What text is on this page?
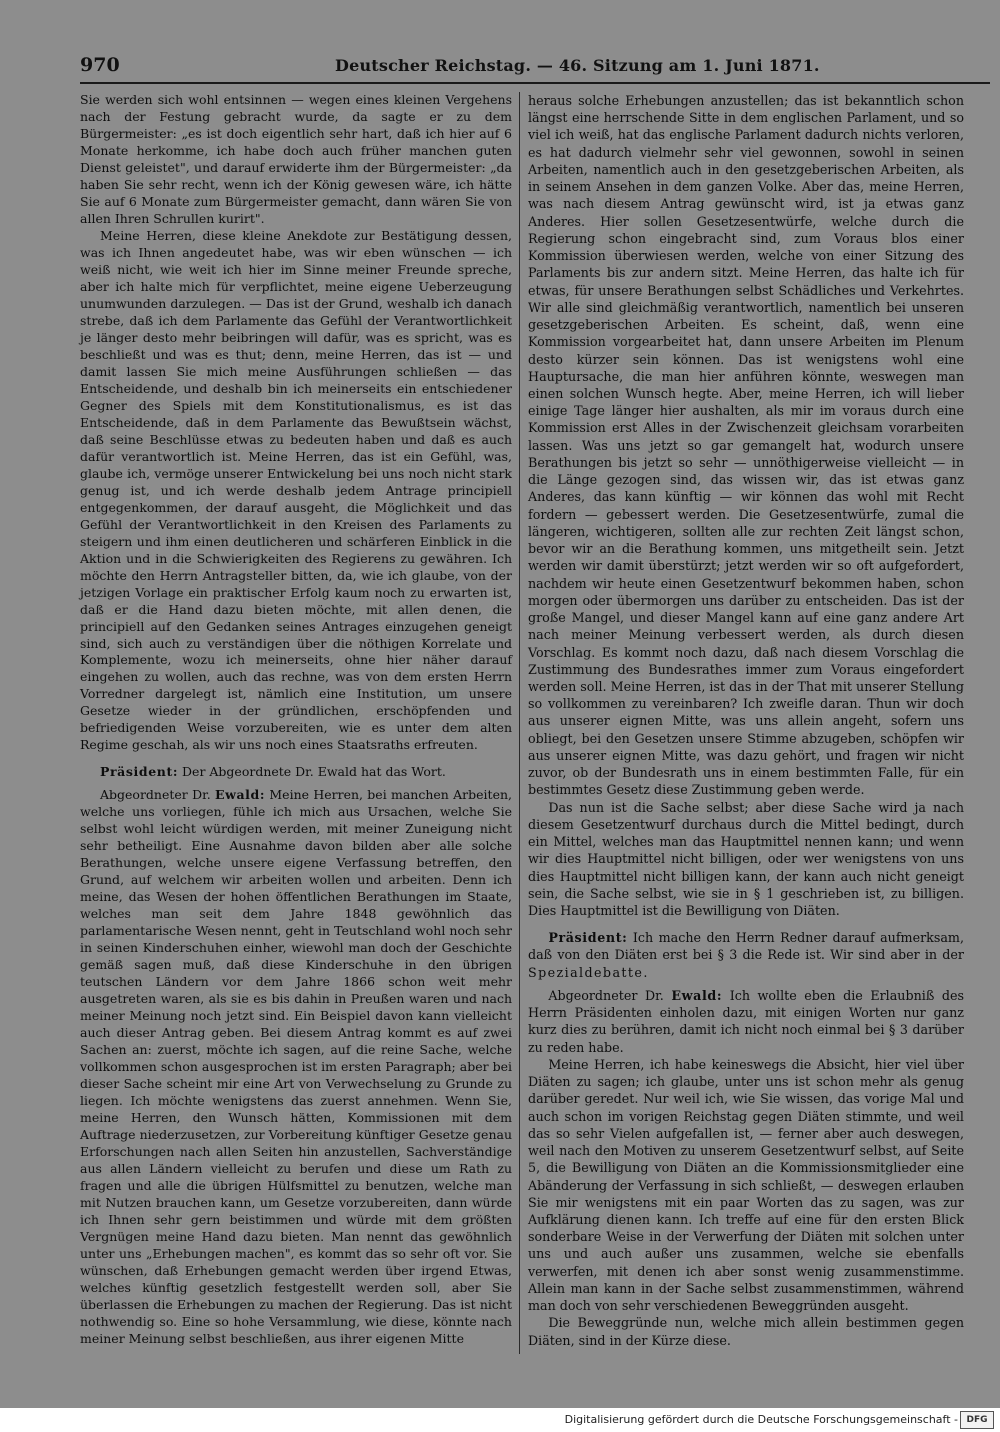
970	Deutscher Reichstag. — 46. Sitzung am 1. Juni 1871.

Sie werden sich wohl entsinnen — wegen eines kleinen Vergehens nach der Festung gebracht wurde, da sagte er zu dem Bürgermeister: „es ist doch eigentlich sehr hart, daß ich hier auf 6 Monate herkomme, ich habe doch auch früher manchen guten Dienst geleistet", und darauf erwiderte ihm der Bürgermeister: „da haben Sie sehr recht, wenn ich der König gewesen wäre, ich hätte Sie auf 6 Monate zum Bürgermeister gemacht, dann wären Sie von allen Ihren Schrullen kurirt".

Meine Herren, diese kleine Anekdote zur Bestätigung dessen, was ich Ihnen angedeutet habe, was wir eben wünschen — ich weiß nicht, wie weit ich hier im Sinne meiner Freunde spreche, aber ich halte mich für verpflichtet, meine eigene Ueberzeugung unumwunden darzulegen. — Das ist der Grund, weshalb ich danach strebe, daß ich dem Parlamente das Gefühl der Verantwortlichkeit je länger desto mehr beibringen will dafür, was es spricht, was es beschließt und was es thut; denn, meine Herren, das ist — und damit lassen Sie mich meine Ausführungen schließen — das Entscheidende, und deshalb bin ich meinerseits ein entschiedener Gegner des Spiels mit dem Konstitutionalismus, es ist das Entscheidende, daß in dem Parlamente das Bewußtsein wächst, daß seine Beschlüsse etwas zu bedeuten haben und daß es auch dafür verantwortlich ist. Meine Herren, das ist ein Gefühl, was, glaube ich, vermöge unserer Entwickelung bei uns noch nicht stark genug ist, und ich werde deshalb jedem Antrage principiell entgegenkommen, der darauf ausgeht, die Möglichkeit und das Gefühl der Verantwortlichkeit in den Kreisen des Parlaments zu steigern und ihm einen deutlicheren und schärferen Einblick in die Aktion und in die Schwierigkeiten des Regierens zu gewähren. Ich möchte den Herrn Antragsteller bitten, da, wie ich glaube, von der jetzigen Vorlage ein praktischer Erfolg kaum noch zu erwarten ist, daß er die Hand dazu bieten möchte, mit allen denen, die principiell auf den Gedanken seines Antrages einzugehen geneigt sind, sich auch zu verständigen über die nöthigen Korrelate und Komplemente, wozu ich meinerseits, ohne hier näher darauf eingehen zu wollen, auch das rechne, was von dem ersten Herrn Vorredner dargelegt ist, nämlich eine Institution, um unsere Gesetze wieder in der gründlichen, erschöpfenden und befriedigenden Weise vorzubereiten, wie es unter dem alten Regime geschah, als wir uns noch eines Staatsraths erfreuten.

Präsident: Der Abgeordnete Dr. Ewald hat das Wort.

Abgeordneter Dr. Ewald: Meine Herren, bei manchen Arbeiten, welche uns vorliegen, fühle ich mich aus Ursachen, welche Sie selbst wohl leicht würdigen werden, mit meiner Zuneigung nicht sehr betheiligt. Eine Ausnahme davon bilden aber alle solche Berathungen, welche unsere eigene Verfassung betreffen, den Grund, auf welchem wir arbeiten wollen und arbeiten. Denn ich meine, das Wesen der hohen öffentlichen Berathungen im Staate, welches man seit dem Jahre 1848 gewöhnlich das parlamentarische Wesen nennt, geht in Teutschland wohl noch sehr in seinen Kinderschuhen einher, wiewohl man doch der Geschichte gemäß sagen muß, daß diese Kinderschuhe in den übrigen teutschen Ländern vor dem Jahre 1866 schon weit mehr ausgetreten waren, als sie es bis dahin in Preußen waren und nach meiner Meinung noch jetzt sind. Ein Beispiel davon kann vielleicht auch dieser Antrag geben. Bei diesem Antrag kommt es auf zwei Sachen an: zuerst, möchte ich sagen, auf die reine Sache, welche vollkommen schon ausgesprochen ist im ersten Paragraph; aber bei dieser Sache scheint mir eine Art von Verwechselung zu Grunde zu liegen. Ich möchte wenigstens das zuerst annehmen. Wenn Sie, meine Herren, den Wunsch hätten, Kommissionen mit dem Auftrage niederzusetzen, zur Vorbereitung künftiger Gesetze genau Erforschungen nach allen Seiten hin anzustellen, Sachverständige aus allen Ländern vielleicht zu berufen und diese um Rath zu fragen und alle die übrigen Hülfsmittel zu benutzen, welche man mit Nutzen brauchen kann, um Gesetze vorzubereiten, dann würde ich Ihnen sehr gern beistimmen und würde mit dem größten Vergnügen meine Hand dazu bieten. Man nennt das gewöhnlich unter uns „Erhebungen machen", es kommt das so sehr oft vor. Sie wünschen, daß Erhebungen gemacht werden über irgend Etwas, welches künftig gesetzlich festgestellt werden soll, aber Sie überlassen die Erhebungen zu machen der Regierung. Das ist nicht nothwendig so. Eine so hohe Versammlung, wie diese, könnte nach meiner Meinung selbst beschließen, aus ihrer eigenen Mitte

heraus solche Erhebungen anzustellen; das ist bekanntlich schon längst eine herrschende Sitte in dem englischen Parlament, und so viel ich weiß, hat das englische Parlament dadurch nichts verloren, es hat dadurch vielmehr sehr viel gewonnen, sowohl in seinen Arbeiten, namentlich auch in den gesetzgeberischen Arbeiten, als in seinem Ansehen in dem ganzen Volke. Aber das, meine Herren, was nach diesem Antrag gewünscht wird, ist ja etwas ganz Anderes. Hier sollen Gesetzesentwürfe, welche durch die Regierung schon eingebracht sind, zum Voraus blos einer Kommission überwiesen werden, welche von einer Sitzung des Parlaments bis zur andern sitzt. Meine Herren, das halte ich für etwas, für unsere Berathungen selbst Schädliches und Verkehrtes. Wir alle sind gleichmäßig verantwortlich, namentlich bei unseren gesetzgeberischen Arbeiten. Es scheint, daß, wenn eine Kommission vorgearbeitet hat, dann unsere Arbeiten im Plenum desto kürzer sein können. Das ist wenigstens wohl eine Hauptursache, die man hier anführen könnte, weswegen man einen solchen Wunsch hegte. Aber, meine Herren, ich will lieber einige Tage länger hier aushalten, als mir im voraus durch eine Kommission erst Alles in der Zwischenzeit gleichsam vorarbeiten lassen. Was uns jetzt so gar gemangelt hat, wodurch unsere Berathungen bis jetzt so sehr — unnöthigerweise vielleicht — in die Länge gezogen sind, das wissen wir, das ist etwas ganz Anderes, das kann künftig — wir können das wohl mit Recht fordern — gebessert werden. Die Gesetzesentwürfe, zumal die längeren, wichtigeren, sollten alle zur rechten Zeit längst schon, bevor wir an die Berathung kommen, uns mitgetheilt sein. Jetzt werden wir damit überstürzt; jetzt werden wir so oft aufgefordert, nachdem wir heute einen Gesetzentwurf bekommen haben, schon morgen oder übermorgen uns darüber zu entscheiden. Das ist der große Mangel, und dieser Mangel kann auf eine ganz andere Art nach meiner Meinung verbessert werden, als durch diesen Vorschlag. Es kommt noch dazu, daß nach diesem Vorschlag die Zustimmung des Bundesrathes immer zum Voraus eingefordert werden soll. Meine Herren, ist das in der That mit unserer Stellung so vollkommen zu vereinbaren? Ich zweifle daran. Thun wir doch aus unserer eignen Mitte, was uns allein angeht, sofern uns obliegt, bei den Gesetzen unsere Stimme abzugeben, schöpfen wir aus unserer eignen Mitte, was dazu gehört, und fragen wir nicht zuvor, ob der Bundesrath uns in einem bestimmten Falle, für ein bestimmtes Gesetz diese Zustimmung geben werde.

Das nun ist die Sache selbst; aber diese Sache wird ja nach diesem Gesetzentwurf durchaus durch die Mittel bedingt, durch ein Mittel, welches man das Hauptmittel nennen kann; und wenn wir dies Hauptmittel nicht billigen, oder wer wenigstens von uns dies Hauptmittel nicht billigen kann, der kann auch nicht geneigt sein, die Sache selbst, wie sie in § 1 geschrieben ist, zu billigen. Dies Hauptmittel ist die Bewilligung von Diäten.

Präsident: Ich mache den Herrn Redner darauf aufmerksam, daß von den Diäten erst bei § 3 die Rede ist. Wir sind aber in der Spezialdebatte.

Abgeordneter Dr. Ewald: Ich wollte eben die Erlaubniß des Herrn Präsidenten einholen dazu, mit einigen Worten nur ganz kurz dies zu berühren, damit ich nicht noch einmal bei § 3 darüber zu reden habe.

Meine Herren, ich habe keineswegs die Absicht, hier viel über Diäten zu sagen; ich glaube, unter uns ist schon mehr als genug darüber geredet. Nur weil ich, wie Sie wissen, das vorige Mal und auch schon im vorigen Reichstag gegen Diäten stimmte, und weil das so sehr Vielen aufgefallen ist, — ferner aber auch deswegen, weil nach den Motiven zu unserem Gesetzentwurf selbst, auf Seite 5, die Bewilligung von Diäten an die Kommissionsmitglieder eine Abänderung der Verfassung in sich schließt, — deswegen erlauben Sie mir wenigstens mit ein paar Worten das zu sagen, was zur Aufklärung dienen kann. Ich treffe auf eine für den ersten Blick sonderbare Weise in der Verwerfung der Diäten mit solchen unter uns und auch außer uns zusammen, welche sie ebenfalls verwerfen, mit denen ich aber sonst wenig zusammenstimme. Allein man kann in der Sache selbst zusammenstimmen, während man doch von sehr verschiedenen Beweggründen ausgeht.

Die Beweggründe nun, welche mich allein bestimmen gegen Diäten, sind in der Kürze diese.

Digitalisierung gefördert durch die Deutsche Forschungsgemeinschaft - DFG
